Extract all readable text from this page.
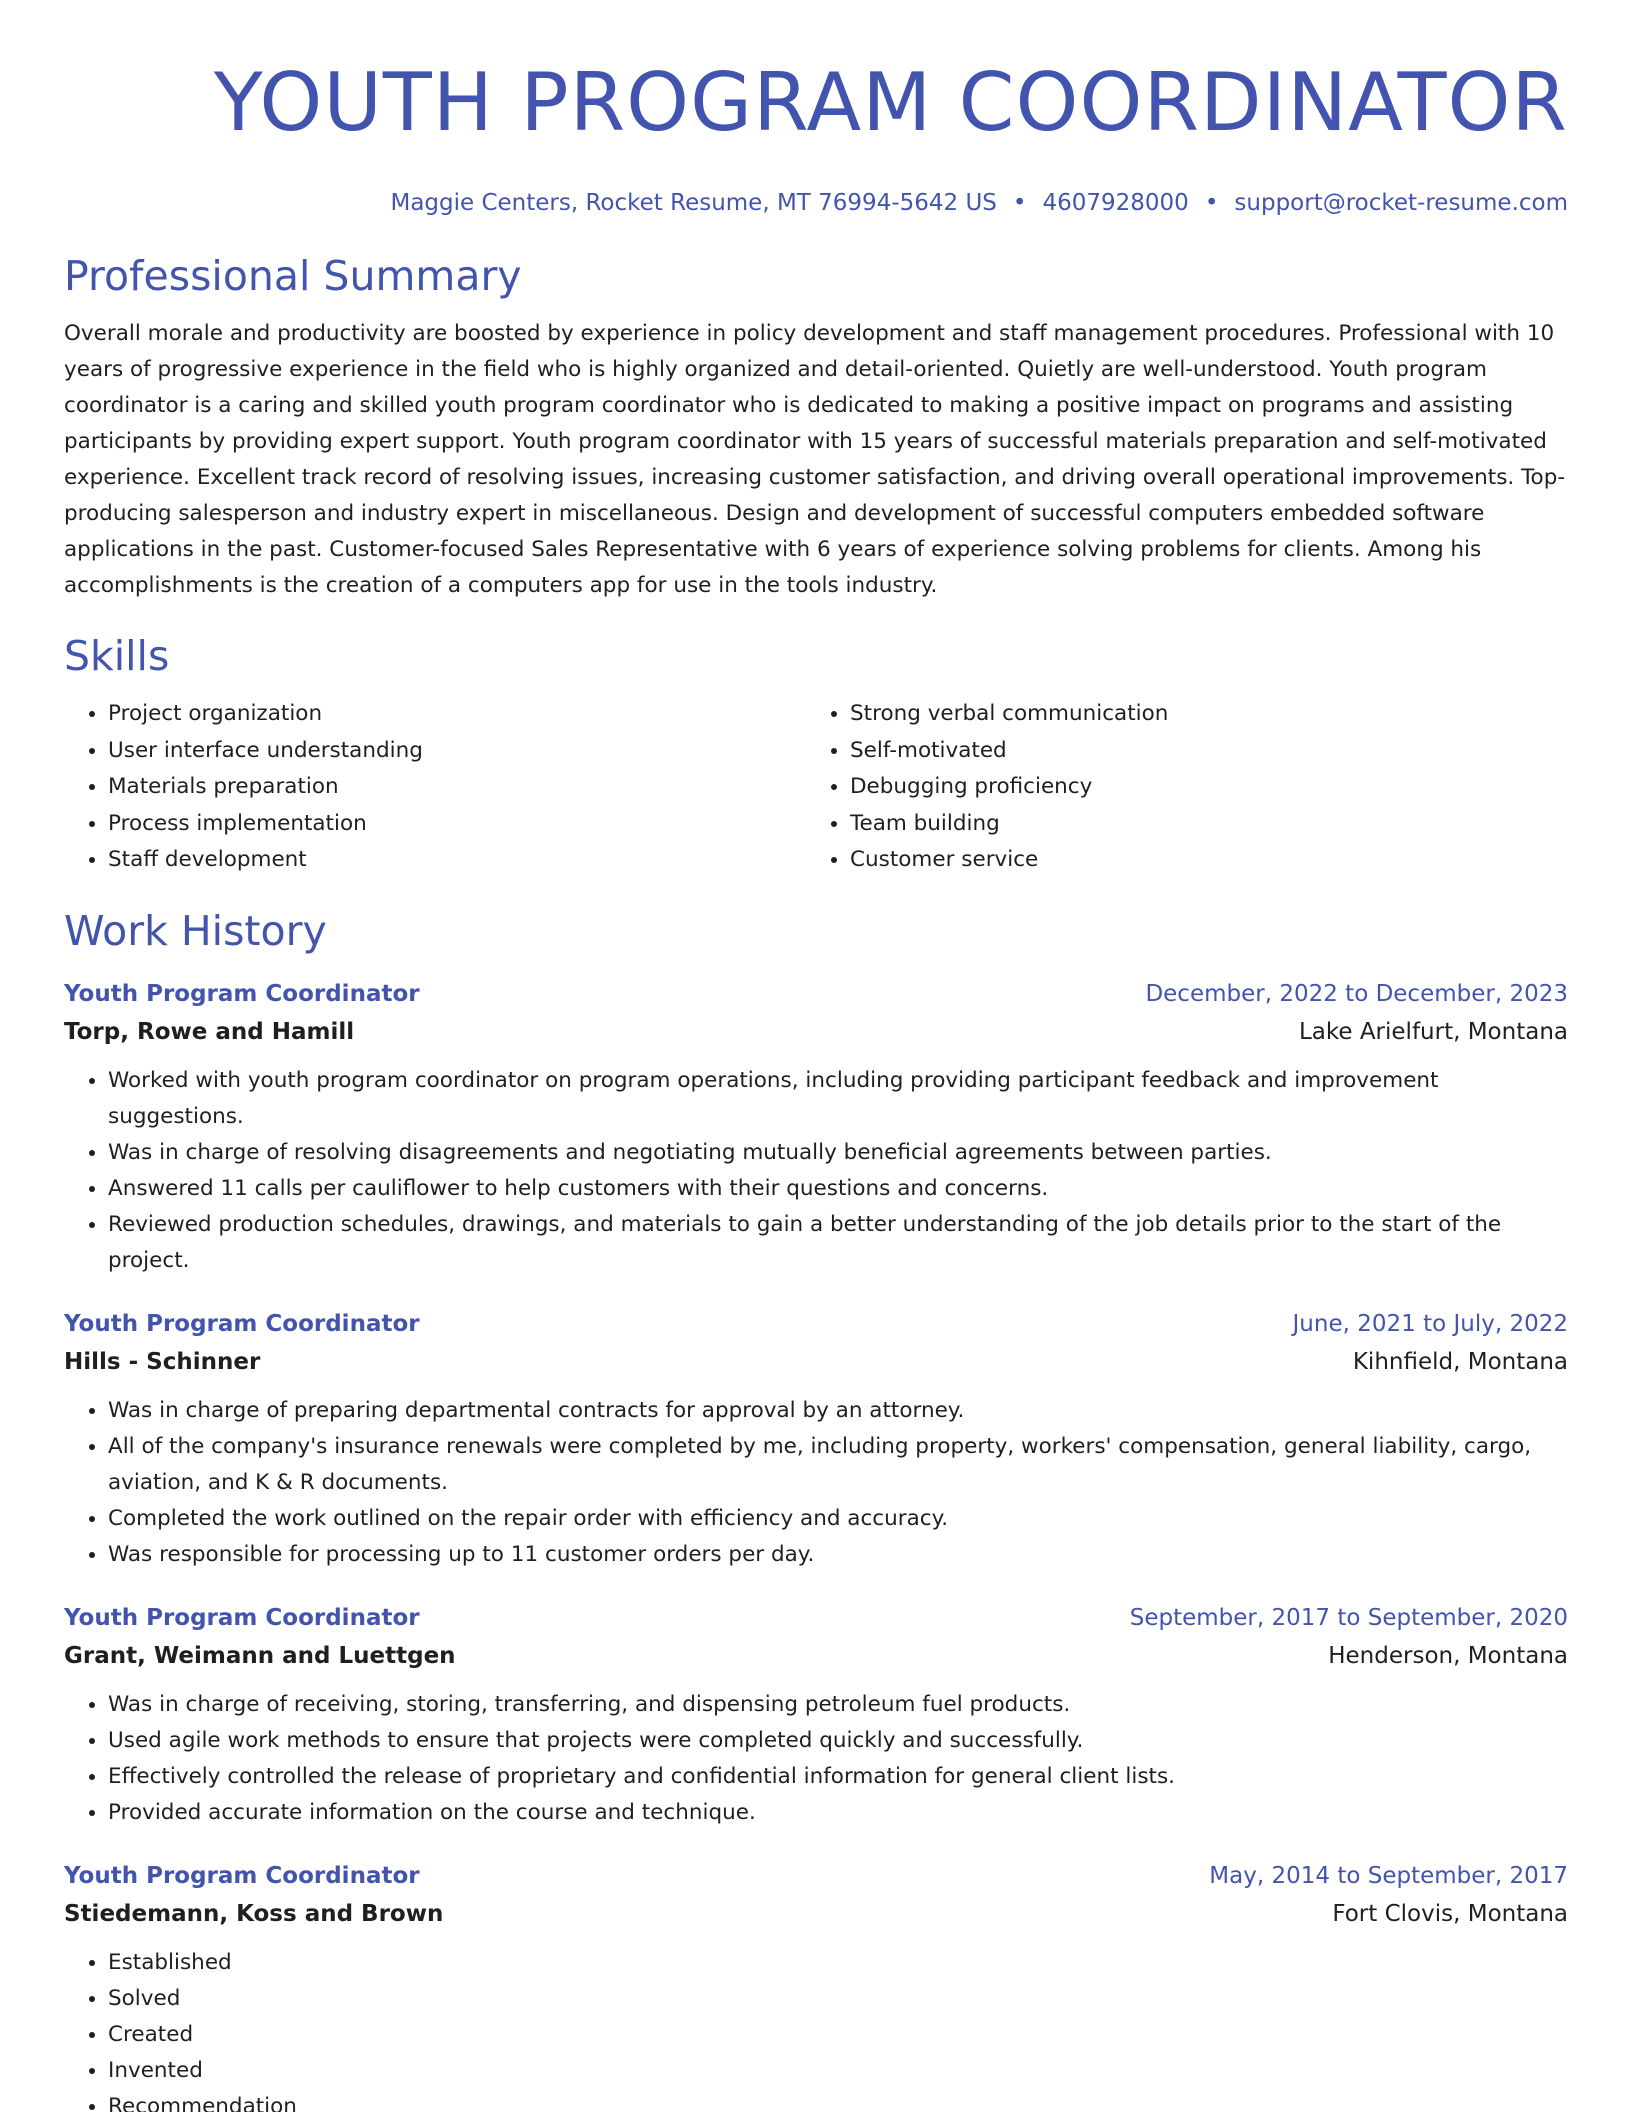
YOUTH PROGRAM COORDINATOR
Maggie Centers, Rocket Resume, MT 76994-5642 US • 4607928000 • support@rocket-resume.com
Professional Summary

Overall morale and productivity are boosted by experience in policy development and staff management procedures. Professional with 10 years of progressive experience in the field who is highly organized and detail-oriented. Quietly are well-understood. Youth program coordinator is a caring and skilled youth program coordinator who is dedicated to making a positive impact on programs and assisting participants by providing expert support. Youth program coordinator with 15 years of successful materials preparation and self-motivated experience. Excellent track record of resolving issues, increasing customer satisfaction, and driving overall operational improvements. Top-producing salesperson and industry expert in miscellaneous. Design and development of successful computers embedded software applications in the past. Customer-focused Sales Representative with 6 years of experience solving problems for clients. Among his accomplishments is the creation of a computers app for use in the tools industry.

Skills
• Project organization
• User interface understanding
• Materials preparation
• Process implementation
• Staff development
• Strong verbal communication
• Self-motivated
• Debugging proficiency
• Team building
• Customer service
Work History
Youth Program Coordinator	December, 2022 to December, 2023
Torp, Rowe and Hamill	Lake Arielfurt, Montana
• Worked with youth program coordinator on program operations, including providing participant feedback and improvement suggestions.
• Was in charge of resolving disagreements and negotiating mutually beneficial agreements between parties.
• Answered 11 calls per cauliflower to help customers with their questions and concerns.
• Reviewed production schedules, drawings, and materials to gain a better understanding of the job details prior to the start of the project.
Youth Program Coordinator	June, 2021 to July, 2022
Hills - Schinner	Kihnfield, Montana
• Was in charge of preparing departmental contracts for approval by an attorney.
• All of the company's insurance renewals were completed by me, including property, workers' compensation, general liability, cargo, aviation, and K & R documents.
• Completed the work outlined on the repair order with efficiency and accuracy.
• Was responsible for processing up to 11 customer orders per day.
Youth Program Coordinator	September, 2017 to September, 2020
Grant, Weimann and Luettgen	Henderson, Montana
• Was in charge of receiving, storing, transferring, and dispensing petroleum fuel products.
• Used agile work methods to ensure that projects were completed quickly and successfully.
• Effectively controlled the release of proprietary and confidential information for general client lists.
• Provided accurate information on the course and technique.
Youth Program Coordinator	May, 2014 to September, 2017
Stiedemann, Koss and Brown	Fort Clovis, Montana
• Established
• Solved
• Created
• Invented
• Recommendation
